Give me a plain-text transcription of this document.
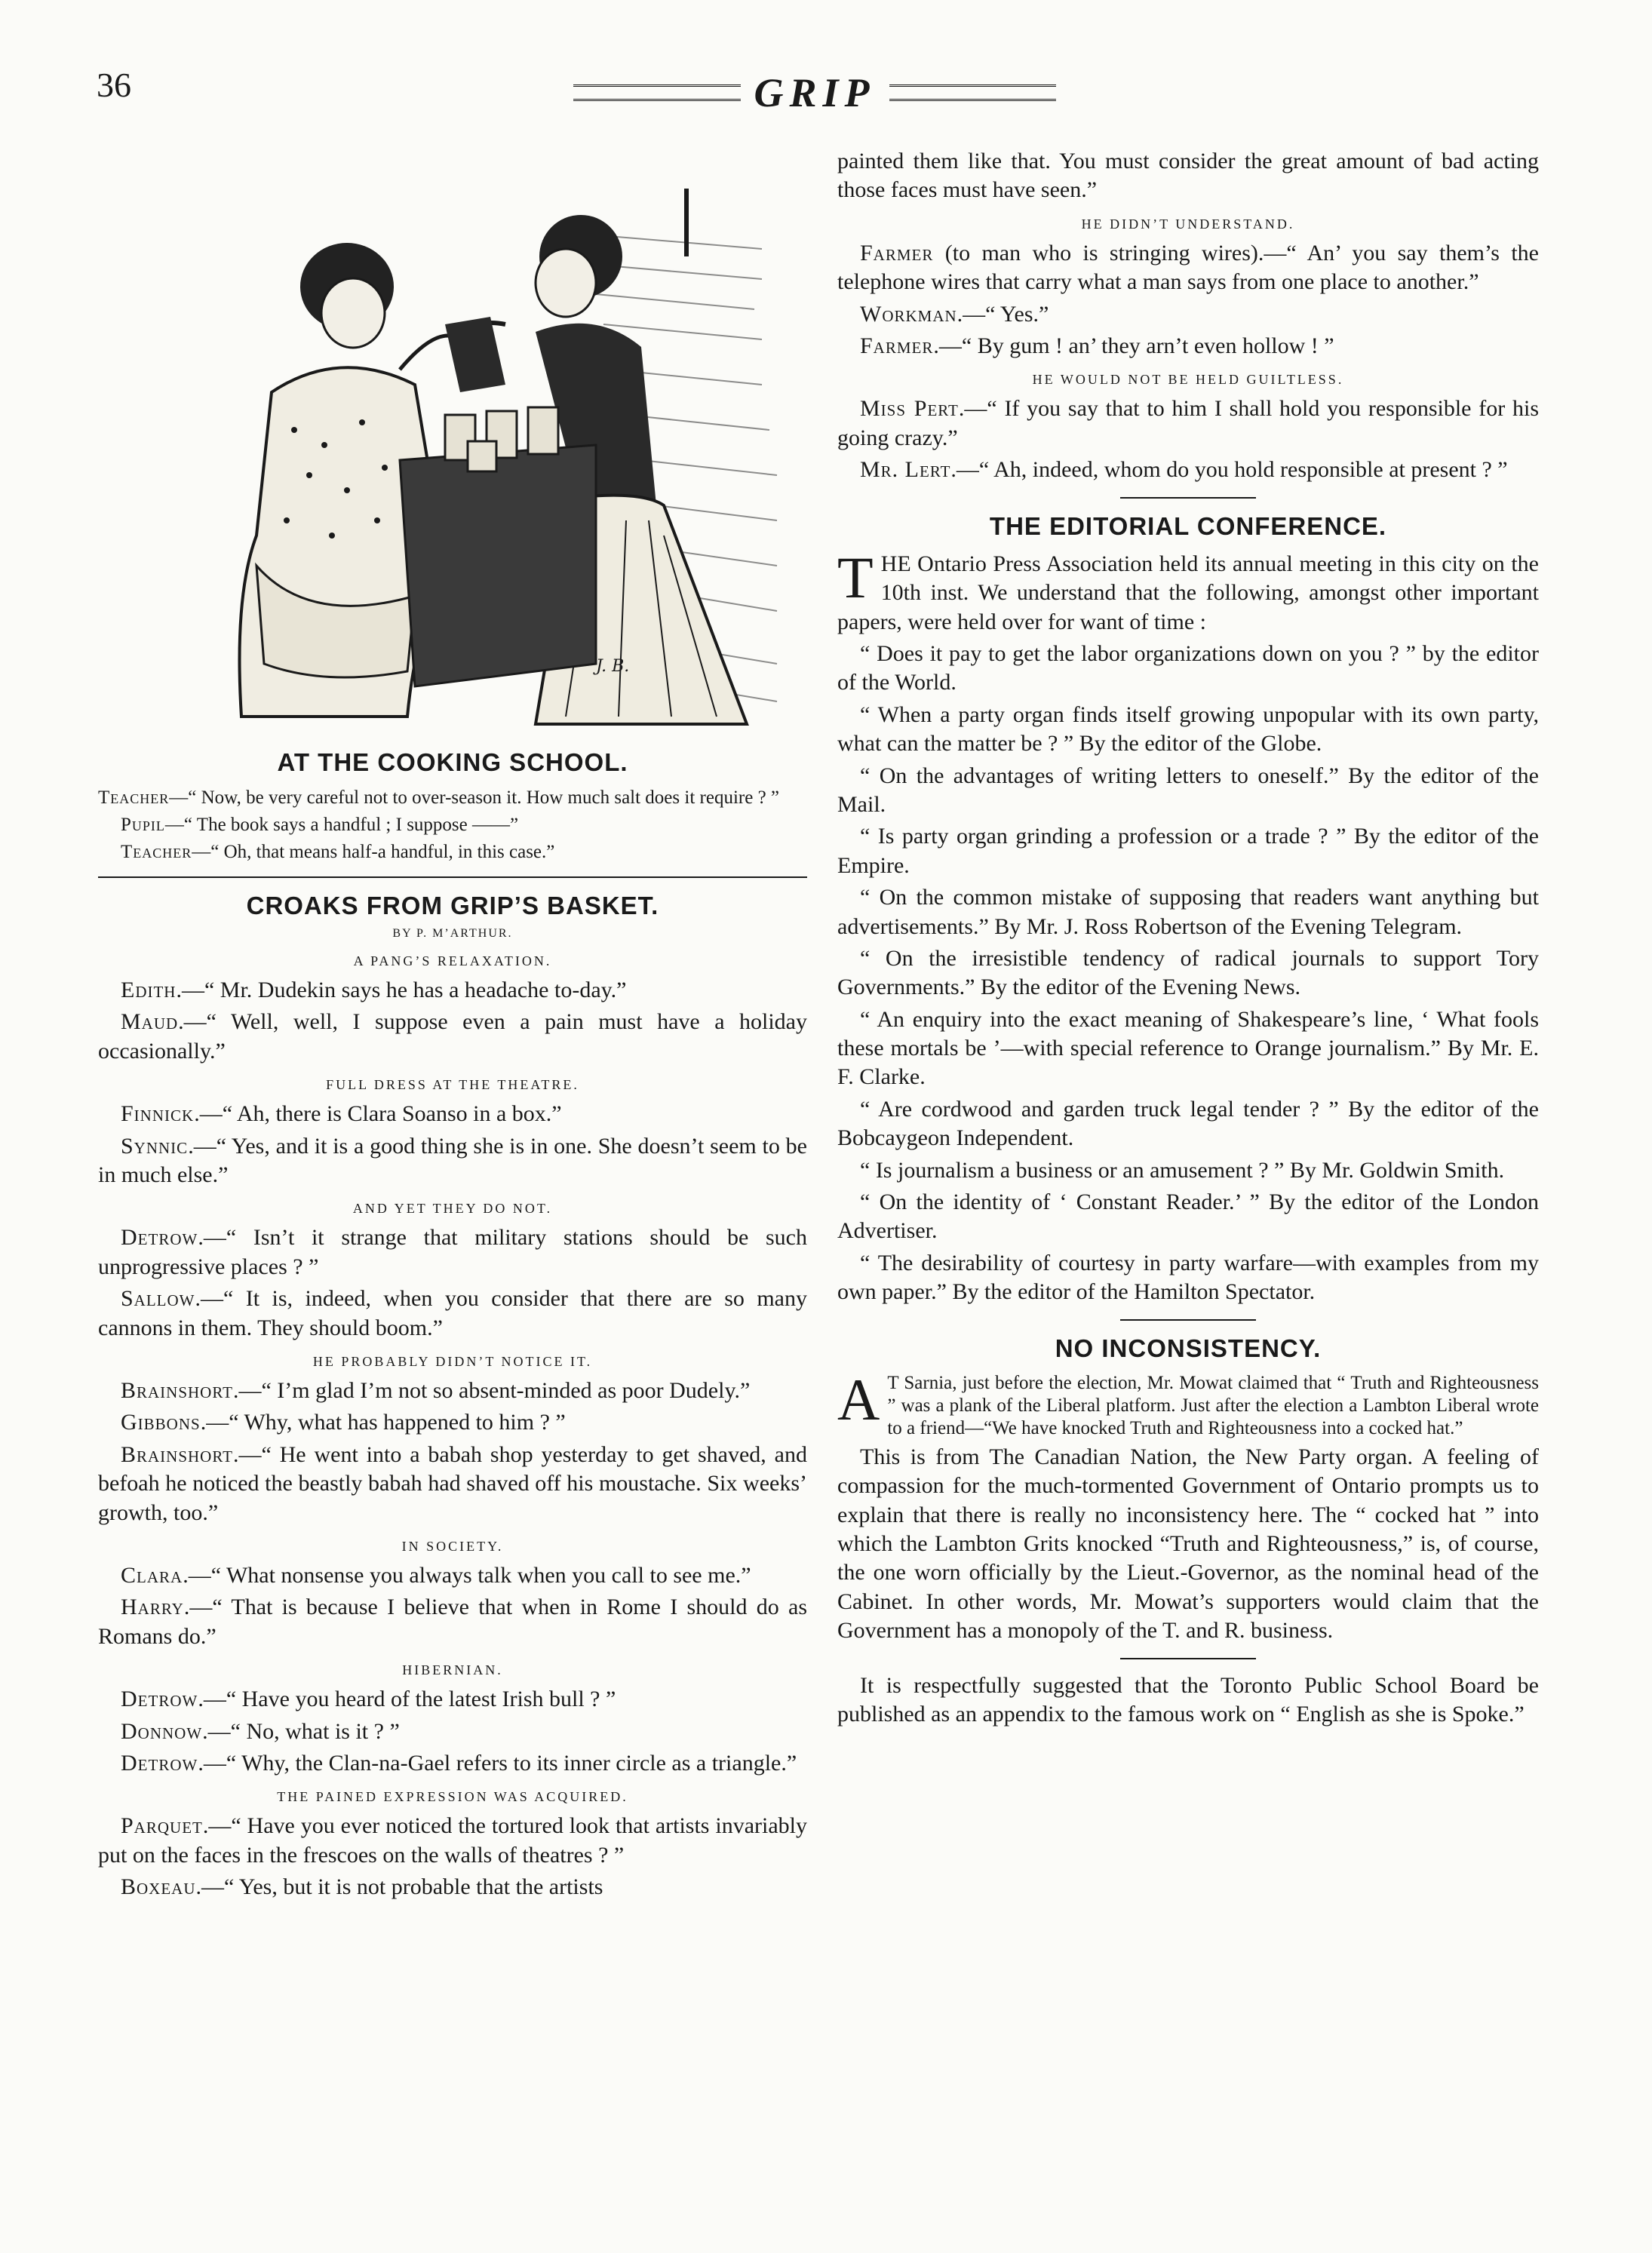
36	GRIP
J. B.
AT THE COOKING SCHOOL.

Teacher—“ Now, be very careful not to over-season it. How much salt does it require ? ”

Pupil—“ The book says a handful ; I suppose ——”

Teacher—“ Oh, that means half-a handful, in this case.”

CROAKS FROM GRIP’S BASKET.
BY P. M’ARTHUR.
A PANG’S RELAXATION.

Edith.—“ Mr. Dudekin says he has a headache to-day.”

Maud.—“ Well, well, I suppose even a pain must have a holiday occasionally.”

FULL DRESS AT THE THEATRE.

Finnick.—“ Ah, there is Clara Soanso in a box.”

Synnic.—“ Yes, and it is a good thing she is in one. She doesn’t seem to be in much else.”

AND YET THEY DO NOT.

Detrow.—“ Isn’t it strange that military stations should be such unprogressive places ? ”

Sallow.—“ It is, indeed, when you consider that there are so many cannons in them. They should boom.”

HE PROBABLY DIDN’T NOTICE IT.

Brainshort.—“ I’m glad I’m not so absent-minded as poor Dudely.”

Gibbons.—“ Why, what has happened to him ? ”

Brainshort.—“ He went into a babah shop yesterday to get shaved, and befoah he noticed the beastly babah had shaved off his moustache. Six weeks’ growth, too.”

IN SOCIETY.

Clara.—“ What nonsense you always talk when you call to see me.”

Harry.—“ That is because I believe that when in Rome I should do as Romans do.”

HIBERNIAN.

Detrow.—“ Have you heard of the latest Irish bull ? ”

Donnow.—“ No, what is it ? ”

Detrow.—“ Why, the Clan-na-Gael refers to its inner circle as a triangle.”

THE PAINED EXPRESSION WAS ACQUIRED.

Parquet.—“ Have you ever noticed the tortured look that artists invariably put on the faces in the frescoes on the walls of theatres ? ”

Boxeau.—“ Yes, but it is not probable that the artists

painted them like that. You must consider the great amount of bad acting those faces must have seen.”

HE DIDN’T UNDERSTAND.

Farmer (to man who is stringing wires).—“ An’ you say them’s the telephone wires that carry what a man says from one place to another.”

Workman.—“ Yes.”

Farmer.—“ By gum ! an’ they arn’t even hollow ! ”

HE WOULD NOT BE HELD GUILTLESS.

Miss Pert.—“ If you say that to him I shall hold you responsible for his going crazy.”

Mr. Lert.—“ Ah, indeed, whom do you hold responsible at present ? ”

THE EDITORIAL CONFERENCE.

THE Ontario Press Association held its annual meeting in this city on the 10th inst. We understand that the following, amongst other important papers, were held over for want of time :

“ Does it pay to get the labor organizations down on you ? ” by the editor of the World.

“ When a party organ finds itself growing unpopular with its own party, what can the matter be ? ” By the editor of the Globe.

“ On the advantages of writing letters to oneself.” By the editor of the Mail.

“ Is party organ grinding a profession or a trade ? ” By the editor of the Empire.

“ On the common mistake of supposing that readers want anything but advertisements.” By Mr. J. Ross Robertson of the Evening Telegram.

“ On the irresistible tendency of radical journals to support Tory Governments.” By the editor of the Evening News.

“ An enquiry into the exact meaning of Shakespeare’s line, ‘ What fools these mortals be ’—with special reference to Orange journalism.” By Mr. E. F. Clarke.

“ Are cordwood and garden truck legal tender ? ” By the editor of the Bobcaygeon Independent.

“ Is journalism a business or an amusement ? ” By Mr. Goldwin Smith.

“ On the identity of ‘ Constant Reader.’ ” By the editor of the London Advertiser.

“ The desirability of courtesy in party warfare—with examples from my own paper.” By the editor of the Hamilton Spectator.

NO INCONSISTENCY.

A T Sarnia, just before the election, Mr. Mowat claimed that “ Truth and Righteousness ” was a plank of the Liberal platform. Just after the election a Lambton Liberal wrote to a friend—“We have knocked Truth and Righteousness into a cocked hat.”

This is from The Canadian Nation, the New Party organ. A feeling of compassion for the much-tormented Government of Ontario prompts us to explain that there is really no inconsistency here. The “ cocked hat ” into which the Lambton Grits knocked “Truth and Righteousness,” is, of course, the one worn officially by the Lieut.-Governor, as the nominal head of the Cabinet. In other words, Mr. Mowat’s supporters would claim that the Government has a monopoly of the T. and R. business.

It is respectfully suggested that the Toronto Public School Board be published as an appendix to the famous work on “ English as she is Spoke.”
